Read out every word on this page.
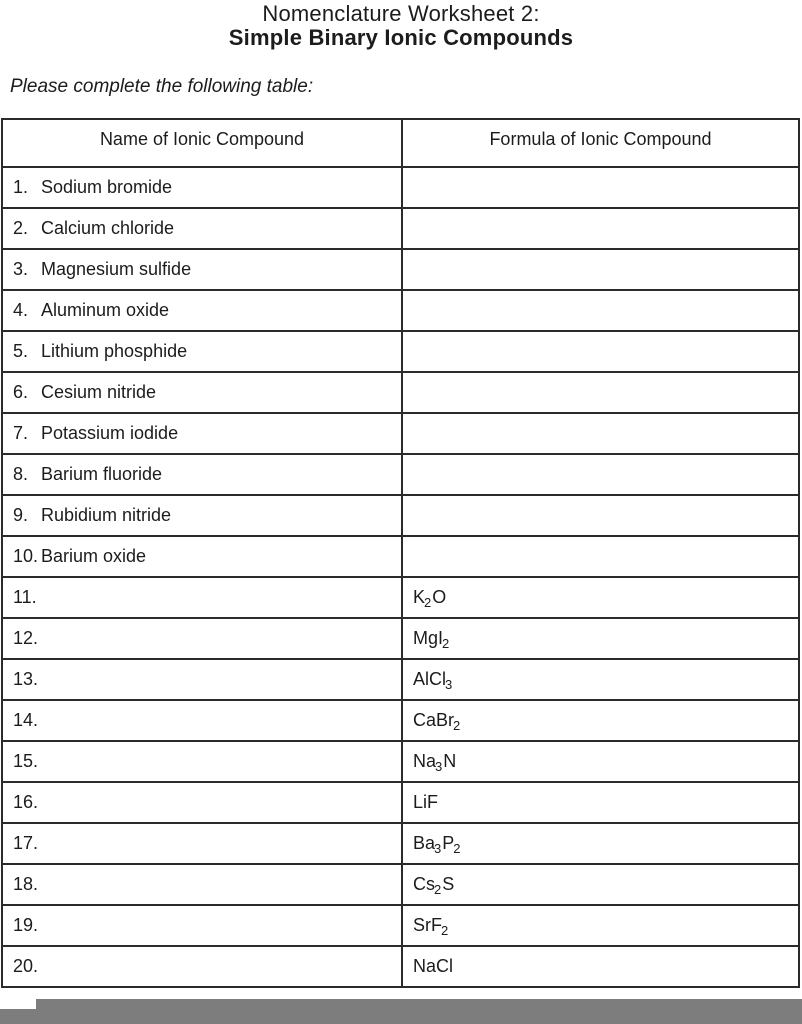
Nomenclature Worksheet 2:
Simple Binary Ionic Compounds
Please complete the following table:
Name of Ionic Compound	Formula of Ionic Compound
1. Sodium bromide	
2. Calcium chloride	
3. Magnesium sulfide	
4. Aluminum oxide	
5. Lithium phosphide	
6. Cesium nitride	
7. Potassium iodide	
8. Barium fluoride	
9. Rubidium nitride	
10. Barium oxide	
11.	$K_2O$
12.	MgI$_2$
13.	AlCl$_3$
14.	CaBr$_2$
15.	$Na_3N$
16.	LiF
17.	$Ba_3P_2$
18.	$Cs_2S$
19.	SrF$_2$
20.	NaCl
